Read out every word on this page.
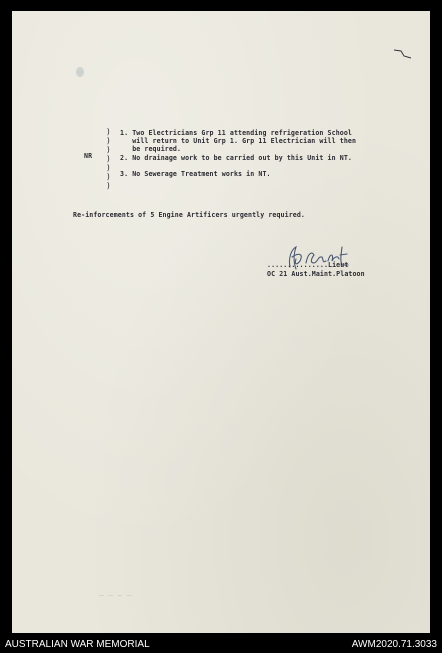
)
)
)
)
)
)
)
NR
1. Two Electricians Grp 11 attending refrigeration School
will return to Unit Grp 1. Grp 11 Electrician will then
be required.
2. No drainage work to be carried out by this Unit in NT.
3. No Sewerage Treatment works in NT.
Re-inforcements of 5 Engine Artificers urgently required.
...............Lieut
OC 21 Aust.Maint.Platoon
⁣~ ~ ~ ~
AUSTRALIAN WAR MEMORIAL	AWM2020.71.3033
